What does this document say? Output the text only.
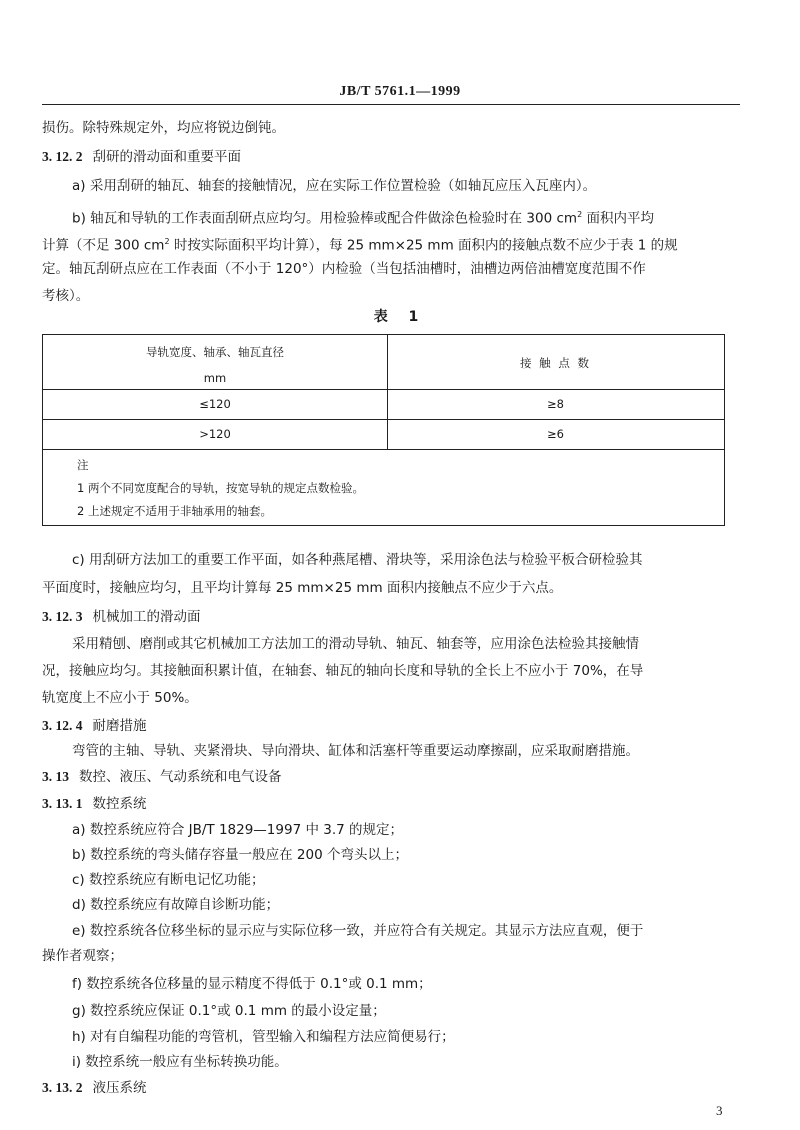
JB/T 5761.1—1999
损伤。除特殊规定外，均应将锐边倒钝。
3. 12. 2 刮研的滑动面和重要平面
a) 采用刮研的轴瓦、轴套的接触情况，应在实际工作位置检验（如轴瓦应压入瓦座内）。
b) 轴瓦和导轨的工作表面刮研点应均匀。用检验棒或配合件做涂色检验时在 300 $cm^2$ 面积内平均
计算（不足 300 $cm^2$ 时按实际面积平均计算），每 25 mm×25 mm 面积内的接触点数不应少于表 1 的规
定。轴瓦刮研点应在工作表面（不小于 120°）内检验（当包括油槽时，油槽边两倍油槽宽度范围不作
考核）。
表 1
导轨宽度、轴承、轴瓦直径
mm
接 触 点 数
≤120	≥8
>120	≥6
注
1 两个不同宽度配合的导轨，按宽导轨的规定点数检验。
2 上述规定不适用于非轴承用的轴套。
c) 用刮研方法加工的重要工作平面，如各种燕尾槽、滑块等，采用涂色法与检验平板合研检验其
平面度时，接触应均匀，且平均计算每 25 mm×25 mm 面积内接触点不应少于六点。
3. 12. 3 机械加工的滑动面
采用精刨、磨削或其它机械加工方法加工的滑动导轨、轴瓦、轴套等，应用涂色法检验其接触情
况，接触应均匀。其接触面积累计值，在轴套、轴瓦的轴向长度和导轨的全长上不应小于 70%，在导
轨宽度上不应小于 50%。
3. 12. 4 耐磨措施
弯管的主轴、导轨、夹紧滑块、导向滑块、缸体和活塞杆等重要运动摩擦副，应采取耐磨措施。
3. 13 数控、液压、气动系统和电气设备
3. 13. 1 数控系统
a) 数控系统应符合 JB/T 1829—1997 中 3.7 的规定；
b) 数控系统的弯头储存容量一般应在 200 个弯头以上；
c) 数控系统应有断电记忆功能；
d) 数控系统应有故障自诊断功能；
e) 数控系统各位移坐标的显示应与实际位移一致，并应符合有关规定。其显示方法应直观，便于
操作者观察；
f) 数控系统各位移量的显示精度不得低于 0.1°或 0.1 mm；
g) 数控系统应保证 0.1°或 0.1 mm 的最小设定量；
h) 对有自编程功能的弯管机，管型输入和编程方法应简便易行；
i) 数控系统一般应有坐标转换功能。
3. 13. 2 液压系统
3
